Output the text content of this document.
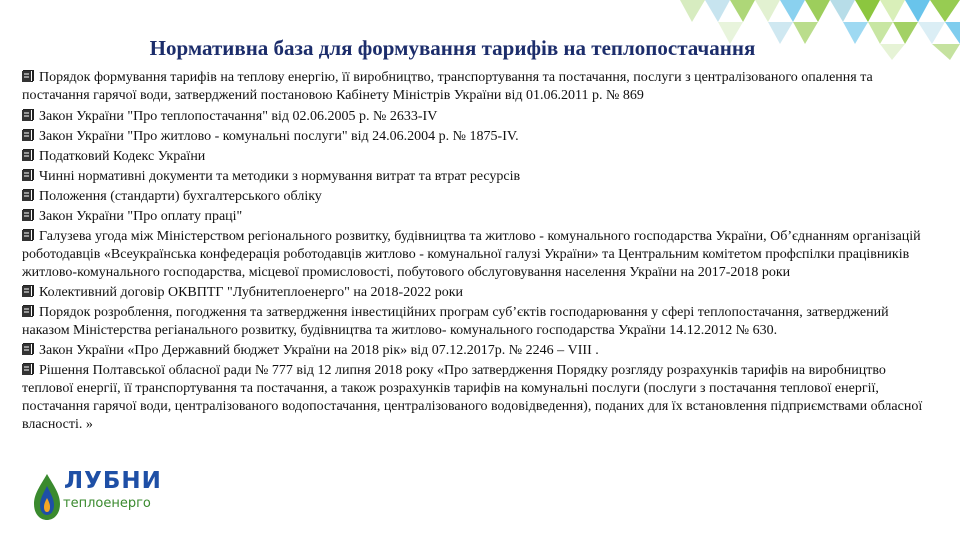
Нормативна база для формування тарифів на теплопостачання
Порядок формування тарифів на теплову енергію, її виробництво, транспортування та постачання, послуги з централізованого опалення та постачання гарячої води, затверджений постановою Кабінету Міністрів України від 01.06.2011 р. № 869
Закон України "Про теплопостачання" від 02.06.2005 р. № 2633-IV
Закон України "Про житлово - комунальні послуги" від 24.06.2004 р. № 1875-IV.
Податковий Кодекс України
Чинні нормативні документи та методики з нормування витрат та втрат ресурсів
Положення (стандарти) бухгалтерського обліку
Закон України "Про оплату праці"
Галузева угода між Міністерством регіонального розвитку, будівництва та житлово - комунального господарства України, Об’єднанням організацій роботодавців «Всеукраїнська конфедерація роботодавців житлово - комунальної галузі України» та Центральним комітетом профспілки працівників житлово-комунального господарства, місцевої промисловості, побутового обслуговування населення України на 2017-2018 роки
Колективний договір ОКВПТГ "Лубнитеплоенерго" на 2018-2022 роки
Порядок розроблення, погодження та затвердження інвестиційних програм суб’єктів господарювання у сфері теплопостачання, затверджений наказом Міністерства регіанального розвитку, будівництва та житлово- комунального господарства України 14.12.2012 № 630.
Закон України «Про Державний бюджет України на 2018 рік» від 07.12.2017р. № 2246 – VIII .
Рішення Полтавської обласної ради № 777 від 12 липня 2018 року «Про затвердження Порядку розгляду розрахунків тарифів на виробництво теплової енергії, її транспортування та постачання, а також розрахунків тарифів на комунальні послуги (послуги з постачання теплової енергії, постачання гарячої води, централізованого водопостачання, централізованого водовідведення), поданих для їх встановлення підприємствами обласної власності. »
ЛУБНИ
теплоенерго
